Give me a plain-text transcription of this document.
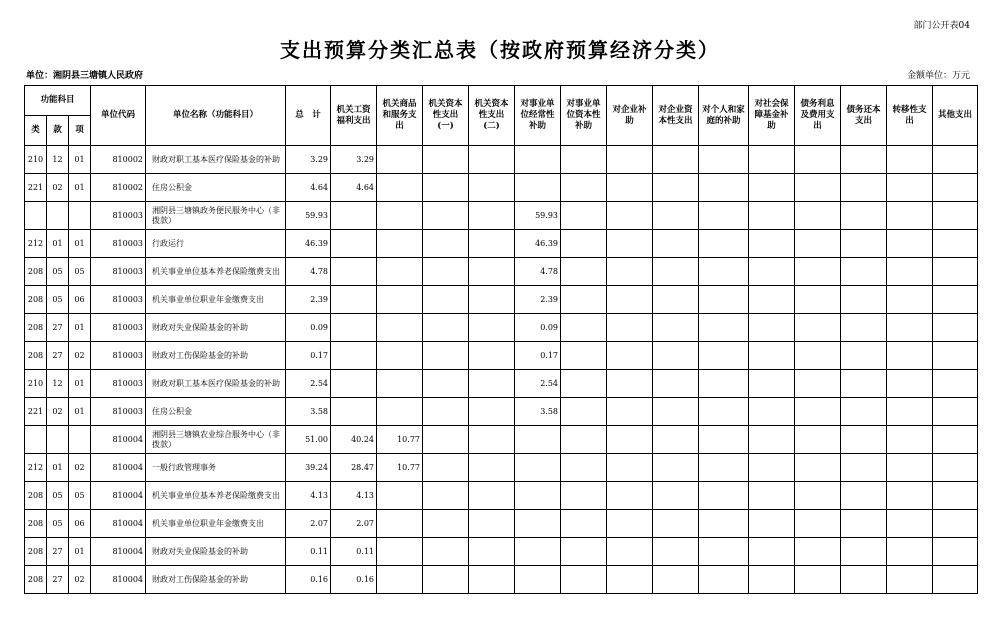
部门公开表04
支出预算分类汇总表（按政府预算经济分类）
单位：湘阴县三塘镇人民政府	金额单位：万元
功能科目			单位代码	单位名称（功能科目）	总　计	机关工资福利支出	机关商品和服务支出	机关资本性支出(一)	机关资本性支出(二)	对事业单位经常性补助	对事业单位资本性补助	对企业补助	对企业资本性支出	对个人和家庭的补助	对社会保障基金补助	债务利息及费用支出	债务还本支出	转移性支出	其他支出
类	款	项																	
210	12	01	810002	财政对职工基本医疗保险基金的补助	3.29	3.29													
221	02	01	810002	住房公积金	4.64	4.64													
			810003	湘阴县三塘镇政务便民服务中心（非拨款）	59.93					59.93									
212	01	01	810003	行政运行	46.39					46.39									
208	05	05	810003	机关事业单位基本养老保险缴费支出	4.78					4.78									
208	05	06	810003	机关事业单位职业年金缴费支出	2.39					2.39									
208	27	01	810003	财政对失业保险基金的补助	0.09					0.09									
208	27	02	810003	财政对工伤保险基金的补助	0.17					0.17									
210	12	01	810003	财政对职工基本医疗保险基金的补助	2.54					2.54									
221	02	01	810003	住房公积金	3.58					3.58									
			810004	湘阴县三塘镇农业综合服务中心（非拨款）	51.00	40.24	10.77												
212	01	02	810004	一般行政管理事务	39.24	28.47	10.77												
208	05	05	810004	机关事业单位基本养老保险缴费支出	4.13	4.13													
208	05	06	810004	机关事业单位职业年金缴费支出	2.07	2.07													
208	27	01	810004	财政对失业保险基金的补助	0.11	0.11													
208	27	02	810004	财政对工伤保险基金的补助	0.16	0.16													
